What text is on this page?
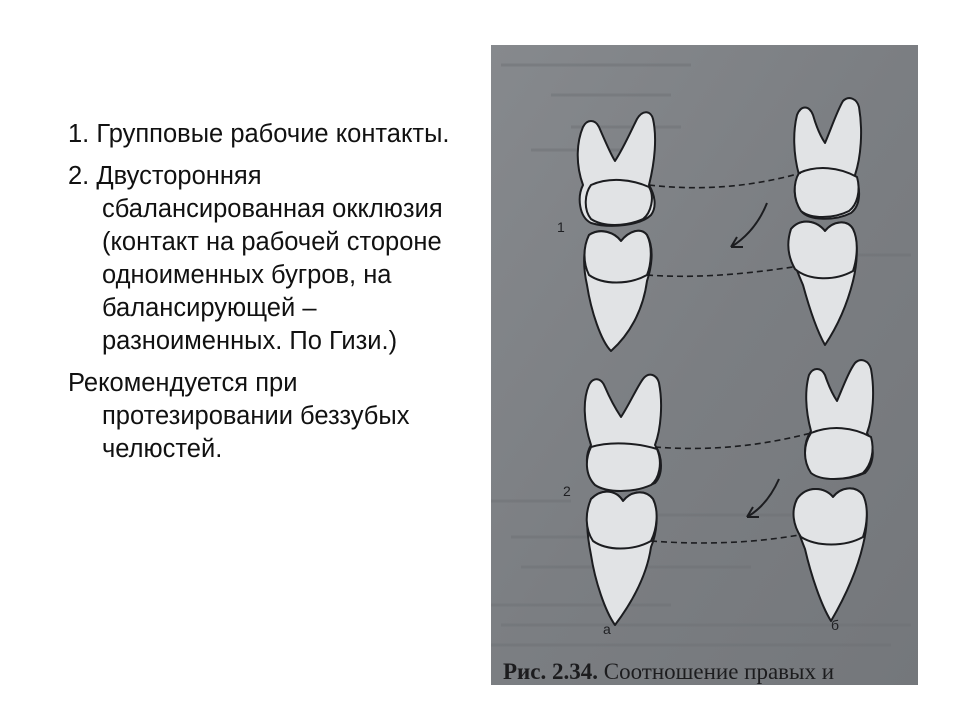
1. Групповые рабочие контакты.

2. Двусторонняя сбалансированная окклюзия (контакт на рабочей стороне одноименных бугров, на балансирующей – разноименных. По Гизи.)

Рекомендуется при протезировании беззубых челюстей.

1
2
а	б
Рис. 2.34. Соотношение правых и
